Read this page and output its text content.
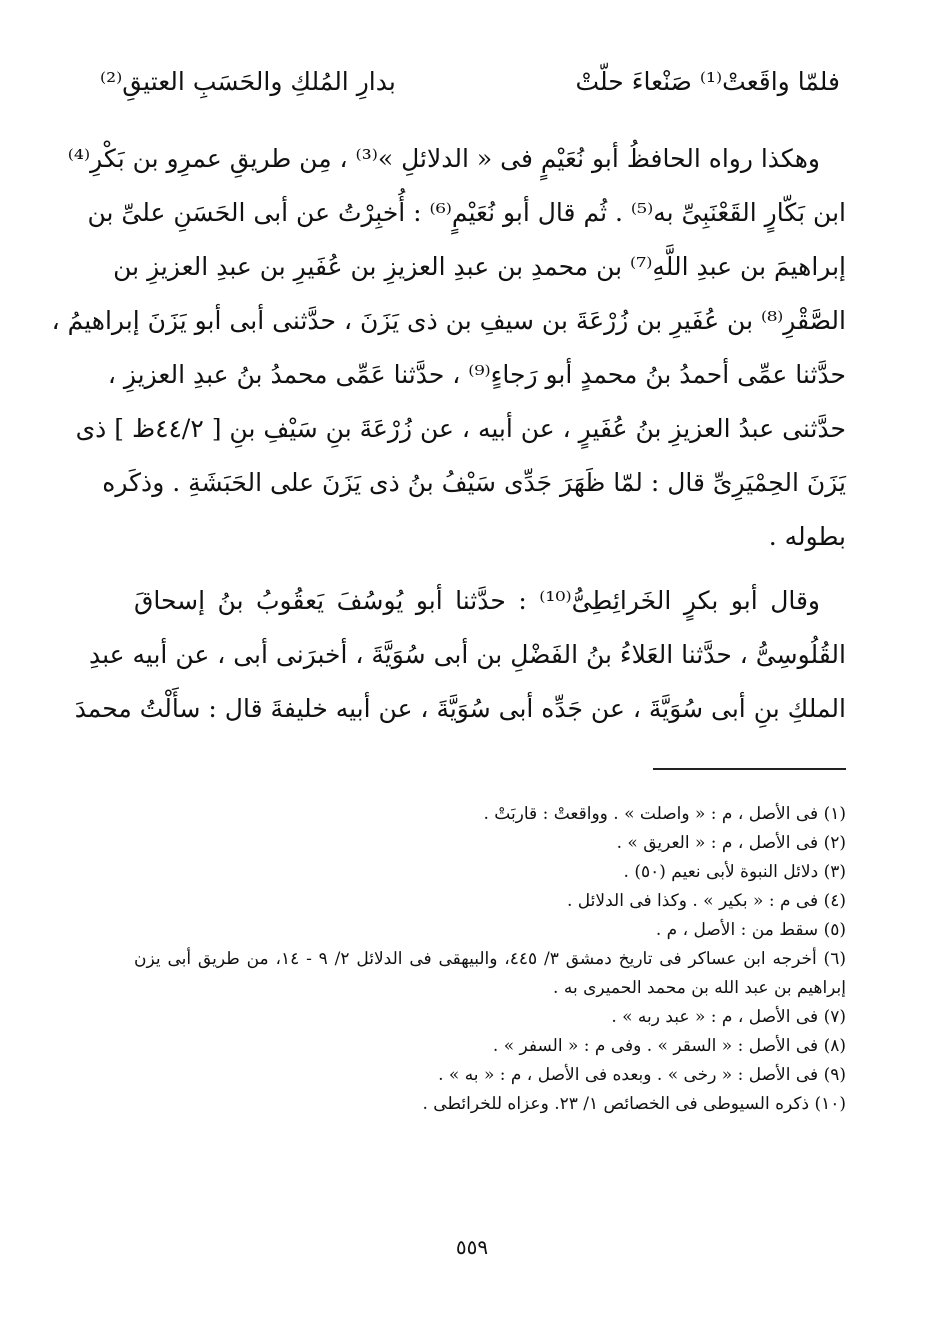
فلمّا واقَعتْ⁽¹⁾ صَنْعاءَ حلّتْ
بدارِ المُلكِ والحَسَبِ العتيقِ⁽²⁾

وهكذا رواه الحافظُ أبو نُعَيْمٍ فى « الدلائلِ »⁽³⁾ ، مِن طريقِ عمرِو بن بَكْرِ⁽⁴⁾
ابن بَكّارٍ القَعْنَبِىِّ به⁽⁵⁾ . ثُم قال أبو نُعَيْمٍ⁽⁶⁾ : أُخبِرْتُ عن أبى الحَسَنِ علىِّ بن
إبراهيمَ بن عبدِ اللَّهِ⁽⁷⁾ بن محمدِ بن عبدِ العزيزِ بن عُفَيرِ بن عبدِ العزيزِ بن
الصَّقْرِ⁽⁸⁾ بن عُفَيرِ بن زُرْعَةَ بن سيفِ بن ذى يَزَنَ ، حدَّثنى أبى أبو يَزَنَ إبراهيمُ ،
حدَّثنا عمِّى أحمدُ بنُ محمدٍ أبو رَجاءٍ⁽⁹⁾ ، حدَّثنا عَمِّى محمدُ بنُ عبدِ العزيزِ ،
حدَّثنى عبدُ العزيزِ بنُ عُفَيرٍ ، عن أبيه ، عن زُرْعَةَ بنِ سَيْفِ بنِ [ ٤٤/٢ظ ] ذى
يَزَنَ الحِمْيَرِىِّ قال : لمّا ظَهَرَ جَدِّى سَيْفُ بنُ ذى يَزَنَ على الحَبَشَةِ . وذكَره
بطوله .

وقال أبو بكرٍ الخَرائِطِىُّ⁽¹⁰⁾ : حدَّثنا أبو يُوسُفَ يَعقُوبُ بنُ إسحاقَ
القُلُوسِىُّ ، حدَّثنا العَلاءُ بنُ الفَضْلِ بن أبى سُوَيَّةَ ، أخبرَنى أبى ، عن أبيه عبدِ
الملكِ بنِ أبى سُوَيَّةَ ، عن جَدِّه أبى سُوَيَّةَ ، عن أبيه خليفةَ قال : سأَلْتُ محمدَ

(١) فى الأصل ، م : « واصلت » . وواقعتْ : قاربَتْ .
(٢) فى الأصل ، م : « العريق » .
(٣) دلائل النبوة لأبى نعيم (٥٠) .
(٤) فى م : « بكير » . وكذا فى الدلائل .
(٥) سقط من : الأصل ، م .
(٦) أخرجه ابن عساكر فى تاريخ دمشق ٣/ ٤٤٥، والبيهقى فى الدلائل ٢/ ٩ - ١٤، من طريق أبى يزن إبراهيم بن عبد الله بن محمد الحميرى به .
(٧) فى الأصل ، م : « عبد ربه » .
(٨) فى الأصل : « السقر » . وفى م : « السفر » .
(٩) فى الأصل : « رخى » . وبعده فى الأصل ، م : « به » .
(١٠) ذكره السيوطى فى الخصائص ١/ ٢٣. وعزاه للخرائطى .
٥٥٩
